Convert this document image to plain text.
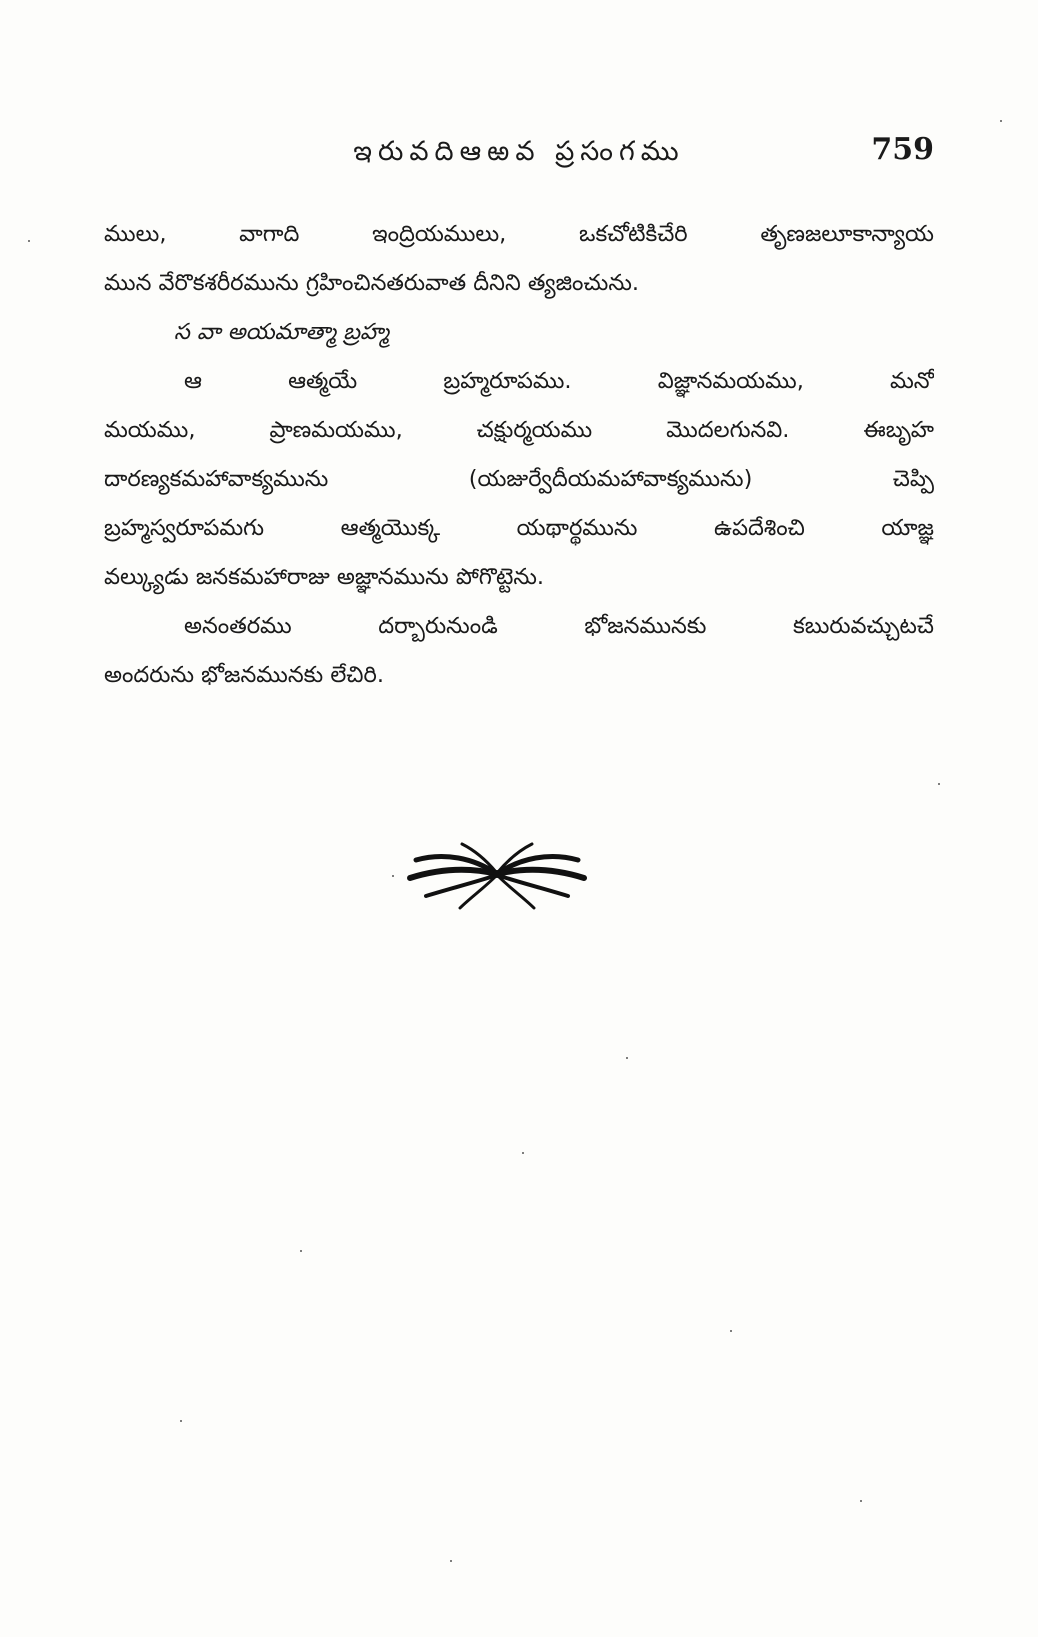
ఇరువదిఆఱవ ప్రసంగము	759
ములు, వాగాది ఇంద్రియములు, ఒకచోటికిచేరి తృణజలూకాన్యాయ
మున వేరొకశరీరమును గ్రహించినతరువాత దీనిని త్యజించును.
స వా అయమాత్మా బ్రహ్మ
ఆ ఆత్మయే బ్రహ్మరూపము. విజ్ఞానమయము, మనో
మయము, ప్రాణమయము, చక్షుర్మయము మొదలగునవి. ఈబృహ
దారణ్యకమహావాక్యమును (యజుర్వేదీయమహావాక్యమును) చెప్పి
బ్రహ్మస్వరూపమగు ఆత్మయొక్క యథార్థమును ఉపదేశించి యాజ్ఞ
వల్క్యుడు జనకమహారాజు అజ్ఞానమును పోగొట్టెను.
అనంతరము దర్బారునుండి భోజనమునకు కబురువచ్చుటచే
అందరును భోజనమునకు లేచిరి.
